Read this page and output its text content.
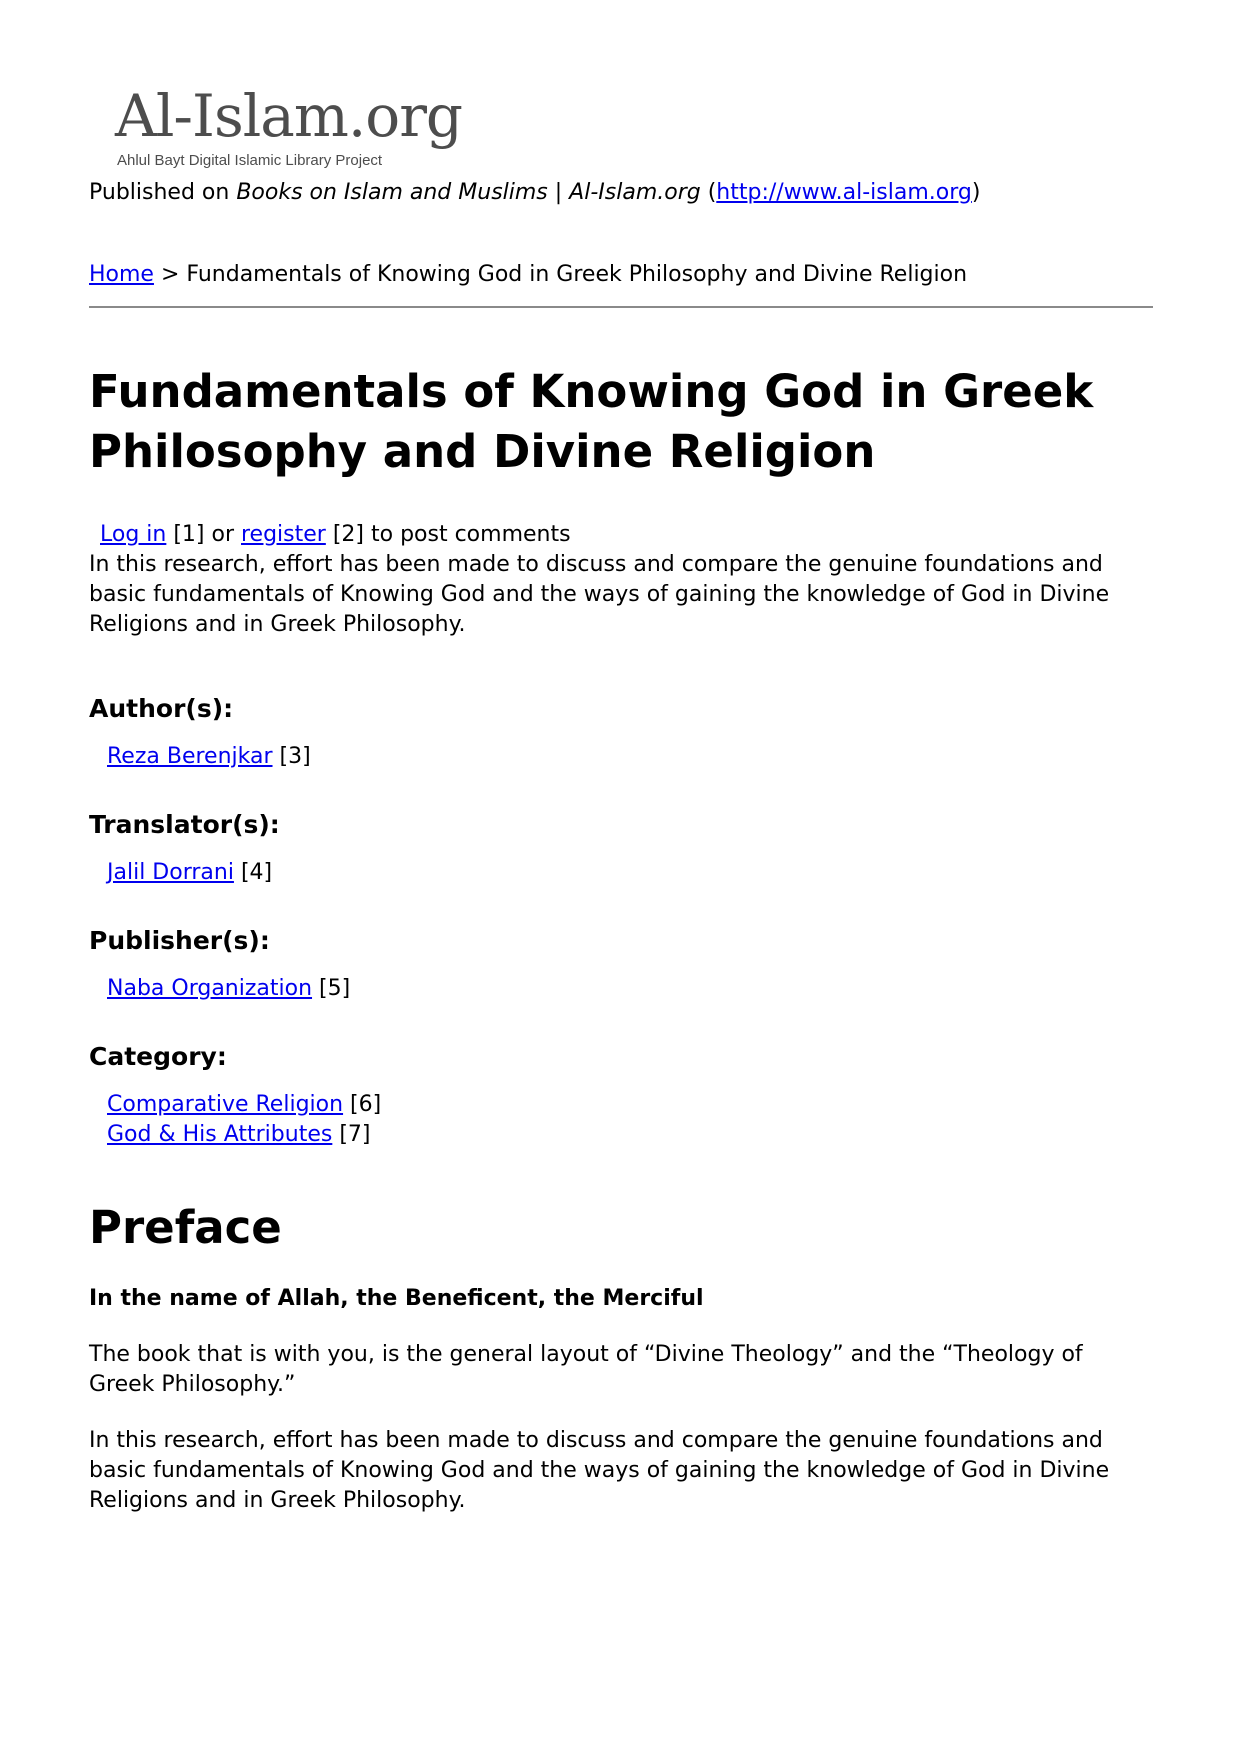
Al-Islam.org
Ahlul Bayt Digital Islamic Library Project
Published on Books on Islam and Muslims | Al-Islam.org (http://www.al-islam.org)
Home > Fundamentals of Knowing God in Greek Philosophy and Divine Religion
Fundamentals of Knowing God in Greek
Philosophy and Divine Religion
Log in [1] or register [2] to post comments

In this research, effort has been made to discuss and compare the genuine foundations and basic fundamentals of Knowing God and the ways of gaining the knowledge of God in Divine Religions and in Greek Philosophy.

Author(s):
Reza Berenjkar [3]
Translator(s):
Jalil Dorrani [4]
Publisher(s):
Naba Organization [5]
Category:
Comparative Religion [6]
God & His Attributes [7]
Preface
In the name of Allah, the Beneficent, the Merciful

The book that is with you, is the general layout of “Divine Theology” and the “Theology of Greek Philosophy.”

In this research, effort has been made to discuss and compare the genuine foundations and basic fundamentals of Knowing God and the ways of gaining the knowledge of God in Divine Religions and in Greek Philosophy.
